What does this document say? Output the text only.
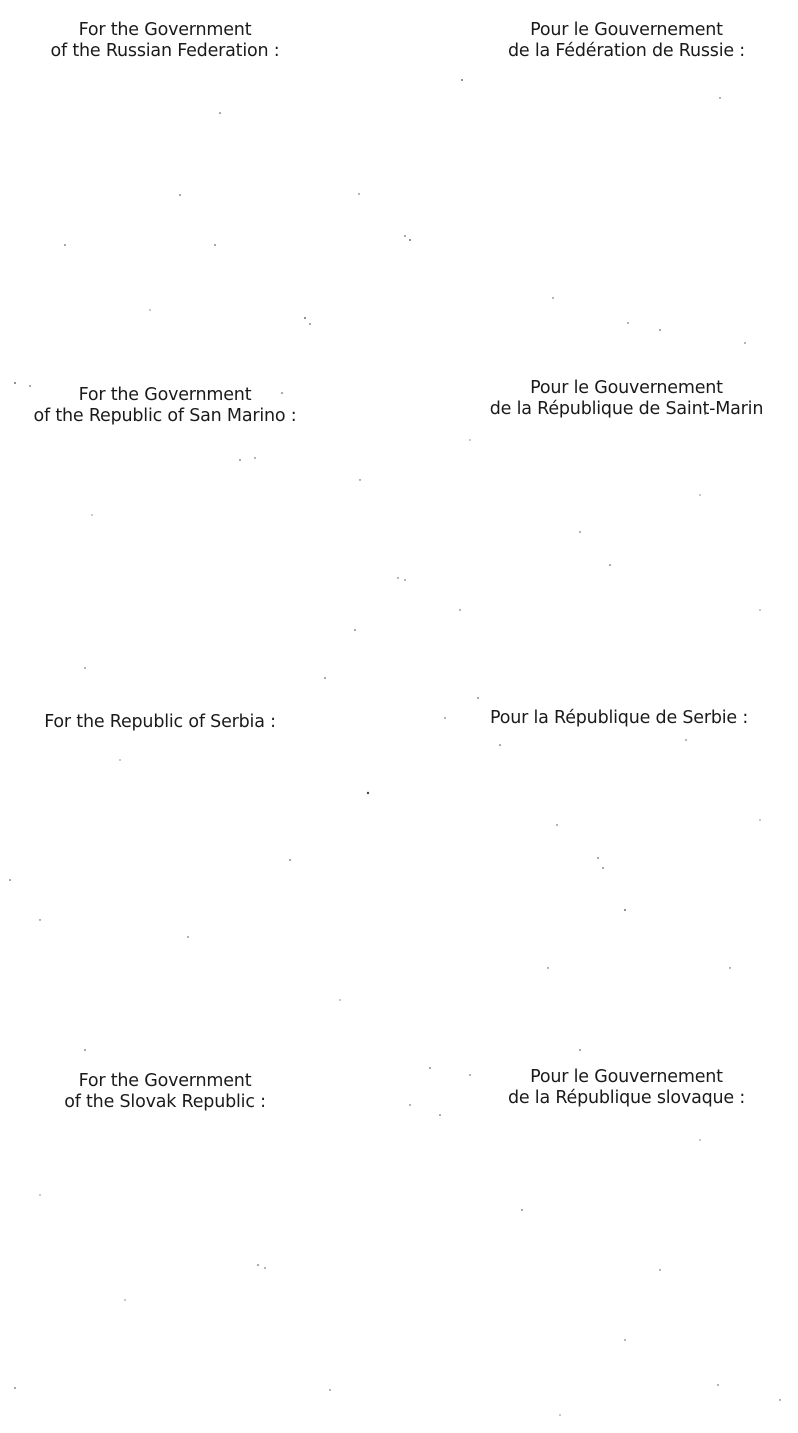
For the Government
of the Russian Federation :
Pour le Gouvernement
de la Fédération de Russie :
For the Government
of the Republic of San Marino :
Pour le Gouvernement
de la République de Saint-Marin
For the Republic of Serbia :	Pour la République de Serbie :
For the Government
of the Slovak Republic :
Pour le Gouvernement
de la République slovaque :
